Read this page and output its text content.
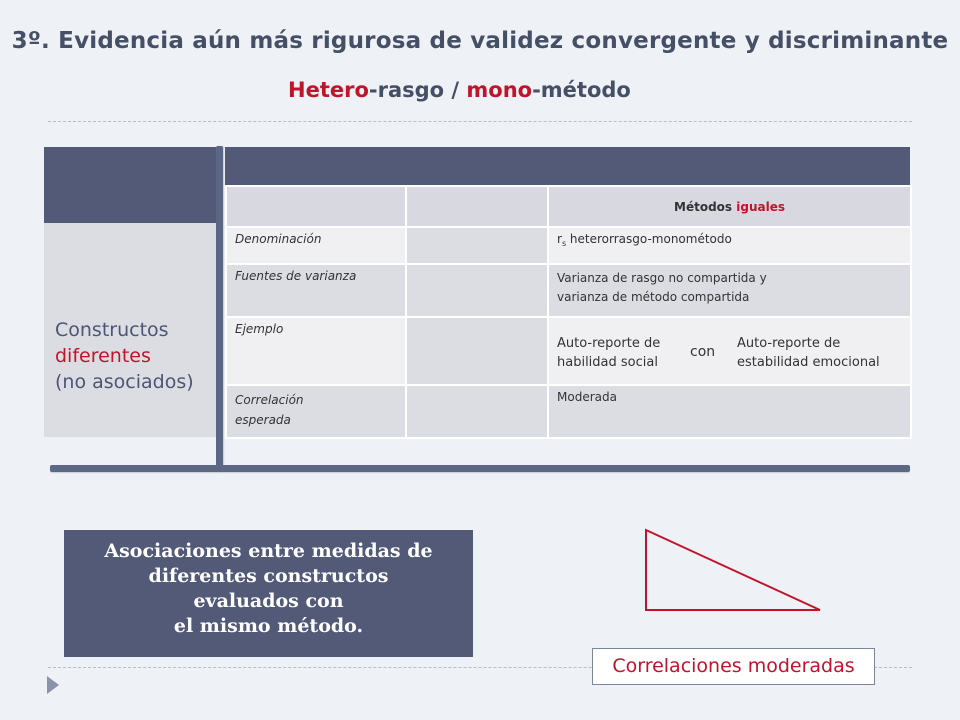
3º. Evidencia aún más rigurosa de validez convergente y discriminante
Hetero-rasgo / mono-método
Constructos
diferentes
(no asociados)
		Métodos iguales
Denominación		$r_s$ heterorrasgo-monométodo
Fuentes de varianza		Varianza de rasgo no compartida y
varianza de método compartida

Ejemplo		Auto-reporte de
habilidad social
con
Auto-reporte de
estabilidad emocional

Correlación
esperada		Moderada
Asociaciones entre medidas de
diferentes constructos
evaluados con
el mismo método.
Correlaciones moderadas
